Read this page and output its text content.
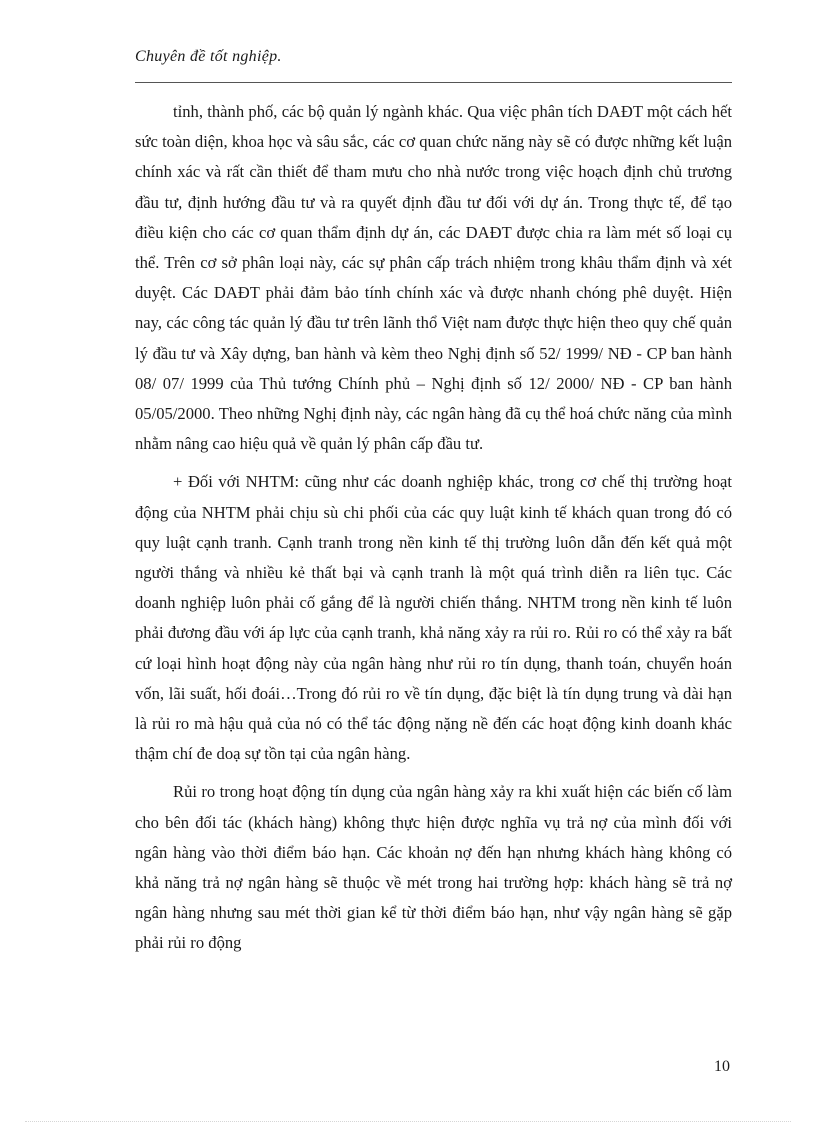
Chuyên đề tốt nghiệp.

tỉnh, thành phố, các bộ quản lý ngành khác. Qua việc phân tích DAĐT một cách hết sức toàn diện, khoa học và sâu sắc, các cơ quan chức năng này sẽ có được những kết luận chính xác và rất cần thiết để tham mưu cho nhà nước trong việc hoạch định chủ trương đầu tư, định hướng đầu tư và ra quyết định đầu tư đối với dự án. Trong thực tế, để tạo điều kiện cho các cơ quan thẩm định dự án, các DAĐT được chia ra làm mét số loại cụ thể. Trên cơ sở phân loại này, các sự phân cấp trách nhiệm trong khâu thẩm định và xét duyệt. Các DAĐT phải đảm bảo tính chính xác và được nhanh chóng phê duyệt. Hiện nay, các công tác quản lý đầu tư trên lãnh thổ Việt nam được thực hiện theo quy chế quản lý đầu tư và Xây dựng, ban hành và kèm theo Nghị định số 52/ 1999/ NĐ - CP ban hành 08/ 07/ 1999 của Thủ tướng Chính phủ – Nghị định số 12/ 2000/ NĐ - CP ban hành 05/05/2000. Theo những Nghị định này, các ngân hàng đã cụ thể hoá chức năng của mình nhằm nâng cao hiệu quả về quản lý phân cấp đầu tư.

+ Đối với NHTM: cũng như các doanh nghiệp khác, trong cơ chế thị trường hoạt động của NHTM phải chịu sù chi phối của các quy luật kinh tế khách quan trong đó có quy luật cạnh tranh. Cạnh tranh trong nền kinh tế thị trường luôn dẫn đến kết quả một người thắng và nhiều kẻ thất bại và cạnh tranh là một quá trình diễn ra liên tục. Các doanh nghiệp luôn phải cố gắng để là người chiến thắng. NHTM trong nền kinh tế luôn phải đương đầu với áp lực của cạnh tranh, khả năng xảy ra rủi ro. Rủi ro có thể xảy ra bất cứ loại hình hoạt động này của ngân hàng như rủi ro tín dụng, thanh toán, chuyển hoán vốn, lãi suất, hối đoái…Trong đó rủi ro về tín dụng, đặc biệt là tín dụng trung và dài hạn là rủi ro mà hậu quả của nó có thể tác động nặng nề đến các hoạt động kinh doanh khác thậm chí đe doạ sự tồn tại của ngân hàng.

Rủi ro trong hoạt động tín dụng của ngân hàng xảy ra khi xuất hiện các biến cố làm cho bên đối tác (khách hàng) không thực hiện được nghĩa vụ trả nợ của mình đối với ngân hàng vào thời điểm báo hạn. Các khoản nợ đến hạn nhưng khách hàng không có khả năng trả nợ ngân hàng sẽ thuộc về mét trong hai trường hợp: khách hàng sẽ trả nợ ngân hàng nhưng sau mét thời gian kể từ thời điểm báo hạn, như vậy ngân hàng sẽ gặp phải rủi ro động

10
